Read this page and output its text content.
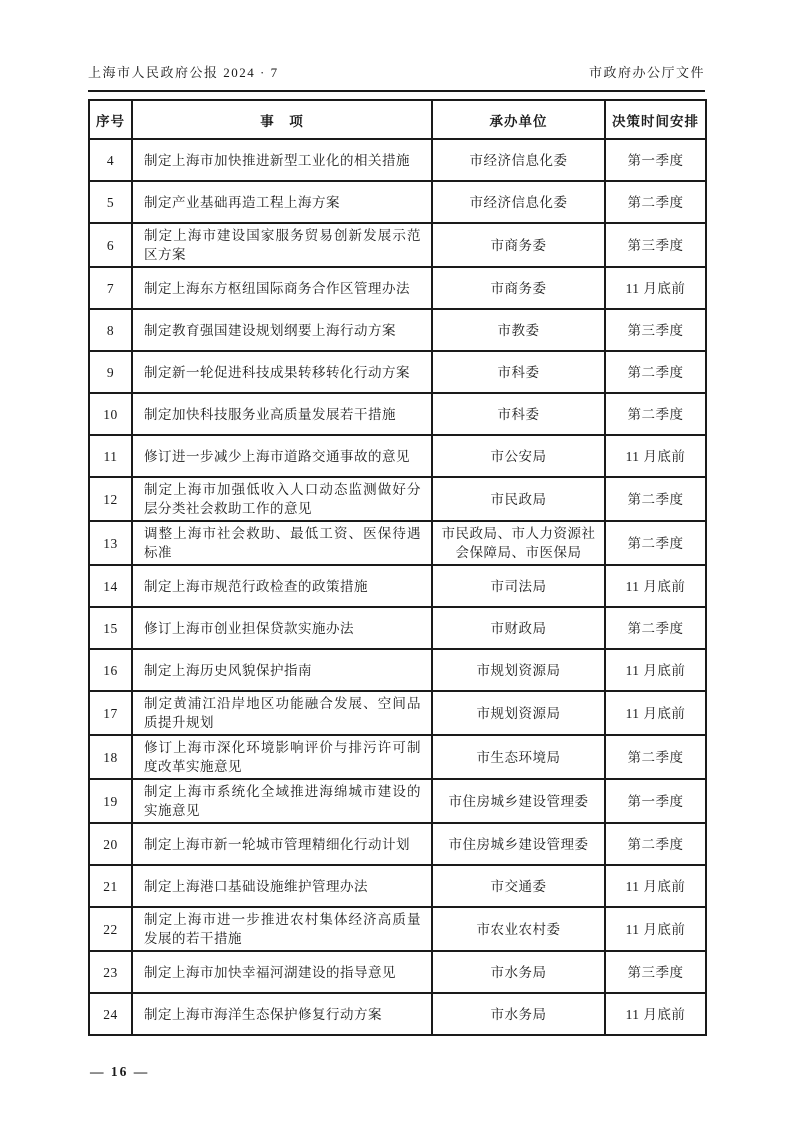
上海市人民政府公报 2024 · 7	市政府办公厅文件
序号	事　项	承办单位	决策时间安排
4	制定上海市加快推进新型工业化的相关措施	市经济信息化委	第一季度
5	制定产业基础再造工程上海方案	市经济信息化委	第二季度
6	制定上海市建设国家服务贸易创新发展示范区方案	市商务委	第三季度
7	制定上海东方枢纽国际商务合作区管理办法	市商务委	11 月底前
8	制定教育强国建设规划纲要上海行动方案	市教委	第三季度
9	制定新一轮促进科技成果转移转化行动方案	市科委	第二季度
10	制定加快科技服务业高质量发展若干措施	市科委	第二季度
11	修订进一步减少上海市道路交通事故的意见	市公安局	11 月底前
12	制定上海市加强低收入人口动态监测做好分层分类社会救助工作的意见	市民政局	第二季度
13	调整上海市社会救助、最低工资、医保待遇标准	市民政局、市人力资源社会保障局、市医保局	第二季度
14	制定上海市规范行政检查的政策措施	市司法局	11 月底前
15	修订上海市创业担保贷款实施办法	市财政局	第二季度
16	制定上海历史风貌保护指南	市规划资源局	11 月底前
17	制定黄浦江沿岸地区功能融合发展、空间品质提升规划	市规划资源局	11 月底前
18	修订上海市深化环境影响评价与排污许可制度改革实施意见	市生态环境局	第二季度
19	制定上海市系统化全域推进海绵城市建设的实施意见	市住房城乡建设管理委	第一季度
20	制定上海市新一轮城市管理精细化行动计划	市住房城乡建设管理委	第二季度
21	制定上海港口基础设施维护管理办法	市交通委	11 月底前
22	制定上海市进一步推进农村集体经济高质量发展的若干措施	市农业农村委	11 月底前
23	制定上海市加快幸福河湖建设的指导意见	市水务局	第三季度
24	制定上海市海洋生态保护修复行动方案	市水务局	11 月底前
— 16 —
